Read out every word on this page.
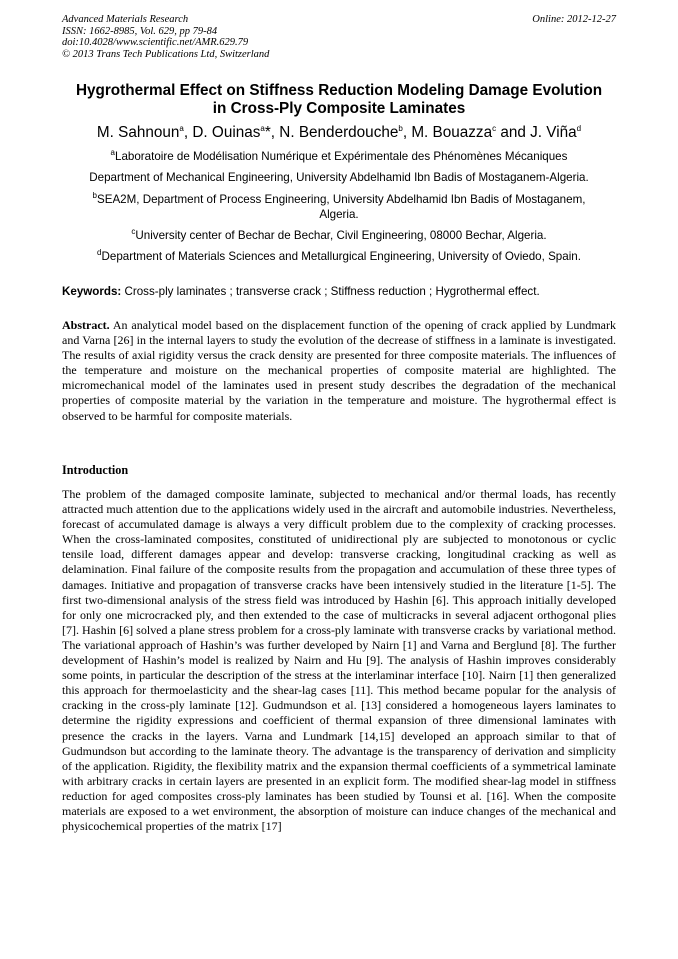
Advanced Materials Research
ISSN: 1662-8985, Vol. 629, pp 79-84
doi:10.4028/www.scientific.net/AMR.629.79
© 2013 Trans Tech Publications Ltd, Switzerland
Online: 2012-12-27
Hygrothermal Effect on Stiffness Reduction Modeling Damage Evolution
in Cross-Ply Composite Laminates
M. Sahnoun$^a$, D. Ouinas$^a$*, N. Benderdouche$^b$, M. Bouazza$^c$ and J. Viña$^d$
$^a$Laboratoire de Modélisation Numérique et Expérimentale des Phénomènes Mécaniques
Department of Mechanical Engineering, University Abdelhamid Ibn Badis of Mostaganem-Algeria.
$^b$SEA2M, Department of Process Engineering, University Abdelhamid Ibn Badis of Mostaganem,
Algeria.
$^c$University center of Bechar de Bechar, Civil Engineering, 08000 Bechar, Algeria.
$^d$Department of Materials Sciences and Metallurgical Engineering, University of Oviedo, Spain.
Keywords: Cross-ply laminates ; transverse crack ; Stiffness reduction ; Hygrothermal effect.
Abstract. An analytical model based on the displacement function of the opening of crack applied by Lundmark and Varna [26] in the internal layers to study the evolution of the decrease of stiffness in a laminate is investigated. The results of axial rigidity versus the crack density are presented for three composite materials. The influences of the temperature and moisture on the mechanical properties of composite material are highlighted. The micromechanical model of the laminates used in present study describes the degradation of the mechanical properties of composite material by the variation in the temperature and moisture. The hygrothermal effect is observed to be harmful for composite materials.
Introduction
The problem of the damaged composite laminate, subjected to mechanical and/or thermal loads, has recently attracted much attention due to the applications widely used in the aircraft and automobile industries. Nevertheless, forecast of accumulated damage is always a very difficult problem due to the complexity of cracking processes. When the cross-laminated composites, constituted of unidirectional ply are subjected to monotonous or cyclic tensile load, different damages appear and develop: transverse cracking, longitudinal cracking as well as delamination. Final failure of the composite results from the propagation and accumulation of these three types of damages. Initiative and propagation of transverse cracks have been intensively studied in the literature [1-5]. The first two-dimensional analysis of the stress field was introduced by Hashin [6]. This approach initially developed for only one microcracked ply, and then extended to the case of multicracks in several adjacent orthogonal plies [7]. Hashin [6] solved a plane stress problem for a cross-ply laminate with transverse cracks by variational method. The variational approach of Hashin’s was further developed by Nairn [1] and Varna and Berglund [8]. The further development of Hashin’s model is realized by Nairn and Hu [9]. The analysis of Hashin improves considerably some points, in particular the description of the stress at the interlaminar interface [10]. Nairn [1] then generalized this approach for thermoelasticity and the shear-lag cases [11]. This method became popular for the analysis of cracking in the cross-ply laminate [12]. Gudmundson et al. [13] considered a homogeneous layers laminates to determine the rigidity expressions and coefficient of thermal expansion of three dimensional laminates with presence the cracks in the layers. Varna and Lundmark [14,15] developed an approach similar to that of Gudmundson but according to the laminate theory. The advantage is the transparency of derivation and simplicity of the application. Rigidity, the flexibility matrix and the expansion thermal coefficients of a symmetrical laminate with arbitrary cracks in certain layers are presented in an explicit form. The modified shear-lag model in stiffness reduction for aged composites cross-ply laminates has been studied by Tounsi et al. [16]. When the composite materials are exposed to a wet environment, the absorption of moisture can induce changes of the mechanical and physicochemical properties of the matrix [17]
